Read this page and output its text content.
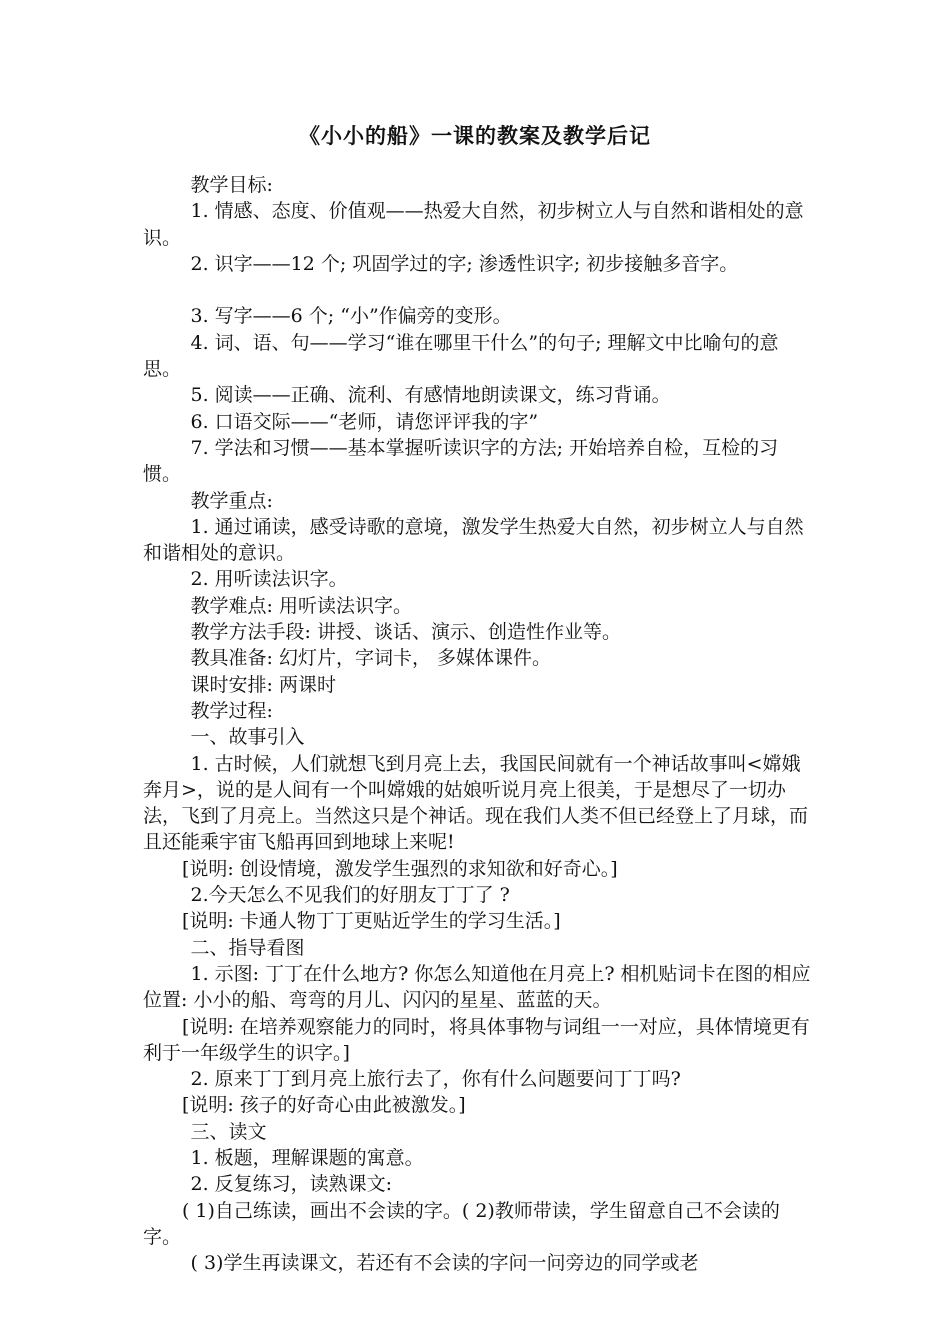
《小小的船》一课的教案及教学后记

教学目标:

1. 情感、态度、价值观——热爱大自然，初步树立人与自然和谐相处的意识。

2. 识字——12 个; 巩固学过的字; 渗透性识字; 初步接触多音字。

3. 写字——6 个; “小”作偏旁的变形。

4. 词、语、句——学习“谁在哪里干什么”的句子; 理解文中比喻句的意思。

5. 阅读——正确、流利、有感情地朗读课文，练习背诵。

6. 口语交际——“老师，请您评评我的字”

7. 学法和习惯——基本掌握听读识字的方法; 开始培养自检，互检的习惯。

教学重点:

1. 通过诵读，感受诗歌的意境，激发学生热爱大自然，初步树立人与自然和谐相处的意识。

2. 用听读法识字。

教学难点: 用听读法识字。

教学方法手段: 讲授、谈话、演示、创造性作业等。

教具准备: 幻灯片，字词卡， 多媒体课件。

课时安排: 两课时

教学过程:

一、故事引入

1. 古时候，人们就想飞到月亮上去，我国民间就有一个神话故事叫<嫦娥奔月>，说的是人间有一个叫嫦娥的姑娘听说月亮上很美，于是想尽了一切办法，飞到了月亮上。当然这只是个神话。现在我们人类不但已经登上了月球，而且还能乘宇宙飞船再回到地球上来呢!

[说明: 创设情境，激发学生强烈的求知欲和好奇心。]

2.今天怎么不见我们的好朋友丁丁了 ?

[说明: 卡通人物丁丁更贴近学生的学习生活。]

二、指导看图

1. 示图: 丁丁在什么地方? 你怎么知道他在月亮上? 相机贴词卡在图的相应位置: 小小的船、弯弯的月儿、闪闪的星星、蓝蓝的天。

[说明: 在培养观察能力的同时，将具体事物与词组一一对应，具体情境更有利于一年级学生的识字。]

2. 原来丁丁到月亮上旅行去了，你有什么问题要问丁丁吗?

[说明: 孩子的好奇心由此被激发。]

三、读文

1. 板题，理解课题的寓意。

2. 反复练习，读熟课文:

( 1)自己练读，画出不会读的字。( 2)教师带读，学生留意自己不会读的字。

( 3)学生再读课文，若还有不会读的字问一问旁边的同学或老
